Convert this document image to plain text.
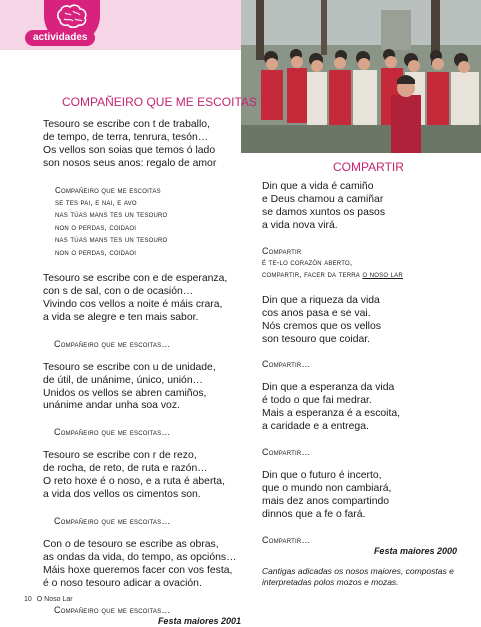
actividades
COMPAÑEIRO QUE ME ESCOITAS
Tesouro se escribe con t de traballo,
de tempo, de terra, tenrura, tesón…
Os vellos son soias que temos ó lado
son nosos seus anos: regalo de amor
Compañeiro que me escoitas
se tes pai, e nai, e avo
nas túas mans tes un tesouro
non o perdas, coidaoi
nas túas mans tes un tesouro
non o perdas, coidaoi
Tesouro se escribe con e de esperanza,
con s de sal, con o de ocasión…
Vivindo cos vellos a noite é máis crara,
a vida se alegre e ten mais sabor.
Compañeiro que me escoitas…
Tesouro se escribe con u de unidade,
de útil, de unánime, único, unión…
Unidos os vellos se abren camiños,
unánime andar unha soa voz.
Compañeiro que me escoitas…
Tesouro se escribe con r de rezo,
de rocha, de reto, de ruta e razón…
O reto hoxe é o noso, e a ruta é aberta,
a vida dos vellos os cimentos son.
Compañeiro que me escoitas…
Con o de tesouro se escribe as obras,
as ondas da vida, do tempo, as opcións…
Máis hoxe queremos facer con vos festa,
é o noso tesouro adicar a ovación.
Compañeiro que me escoitas…
Festa maiores 2001
COMPARTIR
Din que a vida é camiño
e Deus chamou a camiñar
se damos xuntos os pasos
a vida nova virá.
Compartir
é te-lo corazón aberto,
compartir, facer da terra o noso lar
Din que a riqueza da vida
cos anos pasa e se vai.
Nós cremos que os vellos
son tesouro que coidar.
Compartir…
Din que a esperanza da vida
é todo o que fai medrar.
Mais a esperanza é a escoita,
a caridade e a entrega.
Compartir…
Din que o futuro é incerto,
que o mundo non cambiará,
mais dez anos compartindo
dinnos que a fe o fará.
Compartir…
Festa maiores 2000
Cantigas adicadas os nosos maiores, compostas e interpretadas polos mozos e mozas.
10 O Noso Lar
